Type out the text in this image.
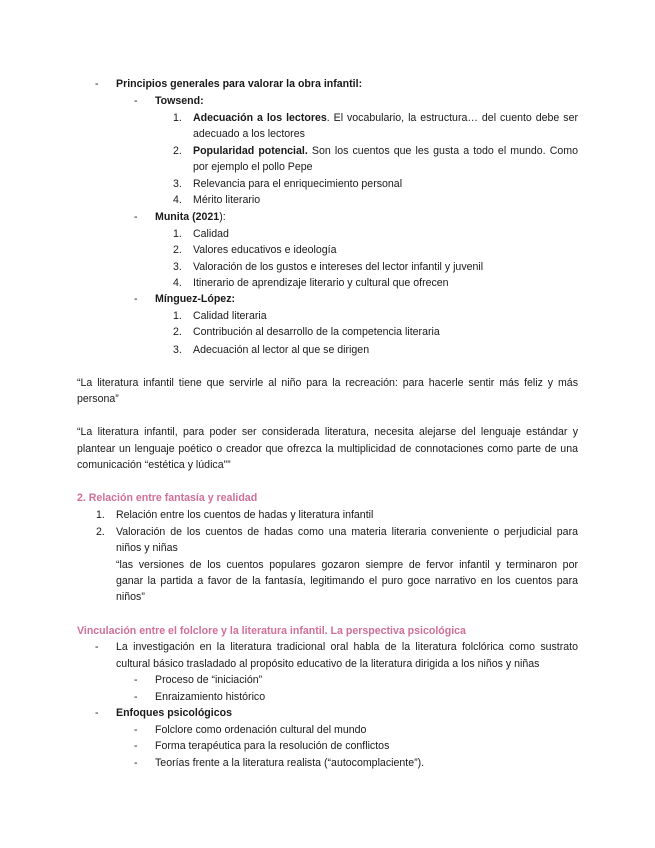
- Principios generales para valorar la obra infantil:
- Towsend:
1. Adecuación a los lectores. El vocabulario, la estructura… del cuento debe ser
adecuado a los lectores
2. Popularidad potencial. Son los cuentos que les gusta a todo el mundo. Como
por ejemplo el pollo Pepe
3. Relevancia para el enriquecimiento personal
4. Mérito literario
- Munita (2021):
1. Calidad
2. Valores educativos e ideología
3. Valoración de los gustos e intereses del lector infantil y juvenil
4. Itinerario de aprendizaje literario y cultural que ofrecen
- Mínguez-López:
1. Calidad literaria
2. Contribución al desarrollo de la competencia literaria
3. Adecuación al lector al que se dirigen
“La literatura infantil tiene que servirle al niño para la recreación: para hacerle sentir más feliz y más
persona”
“La literatura infantil, para poder ser considerada literatura, necesita alejarse del lenguaje estándar y
plantear un lenguaje poético o creador que ofrezca la multiplicidad de connotaciones como parte de una
comunicación “estética y lúdica””
2. Relación entre fantasía y realidad
1. Relación entre los cuentos de hadas y literatura infantil
2. Valoración de los cuentos de hadas como una materia literaria conveniente o perjudicial para
niños y niñas
“las versiones de los cuentos populares gozaron siempre de fervor infantil y terminaron por
ganar la partida a favor de la fantasía, legitimando el puro goce narrativo en los cuentos para
niños”
Vinculación entre el folclore y la literatura infantil. La perspectiva psicológica
- La investigación en la literatura tradicional oral habla de la literatura folclórica como sustrato
cultural básico trasladado al propósito educativo de la literatura dirigida a los niños y niñas
- Proceso de “iniciación”
- Enraizamiento histórico
- Enfoques psicológicos
- Folclore como ordenación cultural del mundo
- Forma terapéutica para la resolución de conflictos
- Teorías frente a la literatura realista (“autocomplaciente”).
